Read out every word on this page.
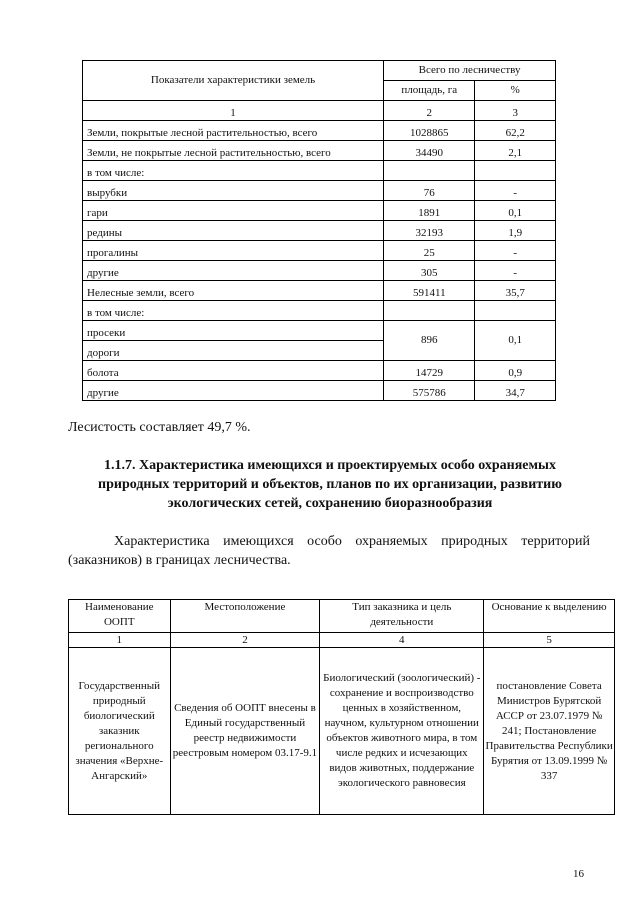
Показатели характеристики земель	Всего по лесничеству	
	площадь, га	%
1	2	3
Земли, покрытые лесной растительностью, всего	1028865	62,2
Земли, не покрытые лесной растительностью, всего	34490	2,1
в том числе:		
вырубки	76	-
гари	1891	0,1
редины	32193	1,9
прогалины	25	-
другие	305	-
Нелесные земли, всего	591411	35,7
в том числе:		
просеки	896	0,1
дороги		
болота	14729	0,9
другие	575786	34,7

Лесистость составляет 49,7 %.

1.1.7. Характеристика имеющихся и проектируемых особо охраняемых природных территорий и объектов, планов по их организации, развитию экологических сетей, сохранению биоразнообразия

Характеристика имеющихся особо охраняемых природных территорий (заказников) в границах лесничества.

Наименование ООПТ	Местоположение	Тип заказника и цель деятельности	Основание к выделению
1	2	4	5
Государственный природный биологический заказник регионального значения «Верхне-Ангарский»	Сведения об ООПТ внесены в Единый государственный реестр недвижимости реестровым номером 03.17-9.1	Биологический (зоологический) - сохранение и воспроизводство ценных в хозяйственном, научном, культурном отношении объектов животного мира, в том числе редких и исчезающих видов животных, поддержание экологического равновесия	постановление Совета Министров Бурятской АССР от 23.07.1979 № 241; Постановление Правительства Республики Бурятия от 13.09.1999 № 337
16
